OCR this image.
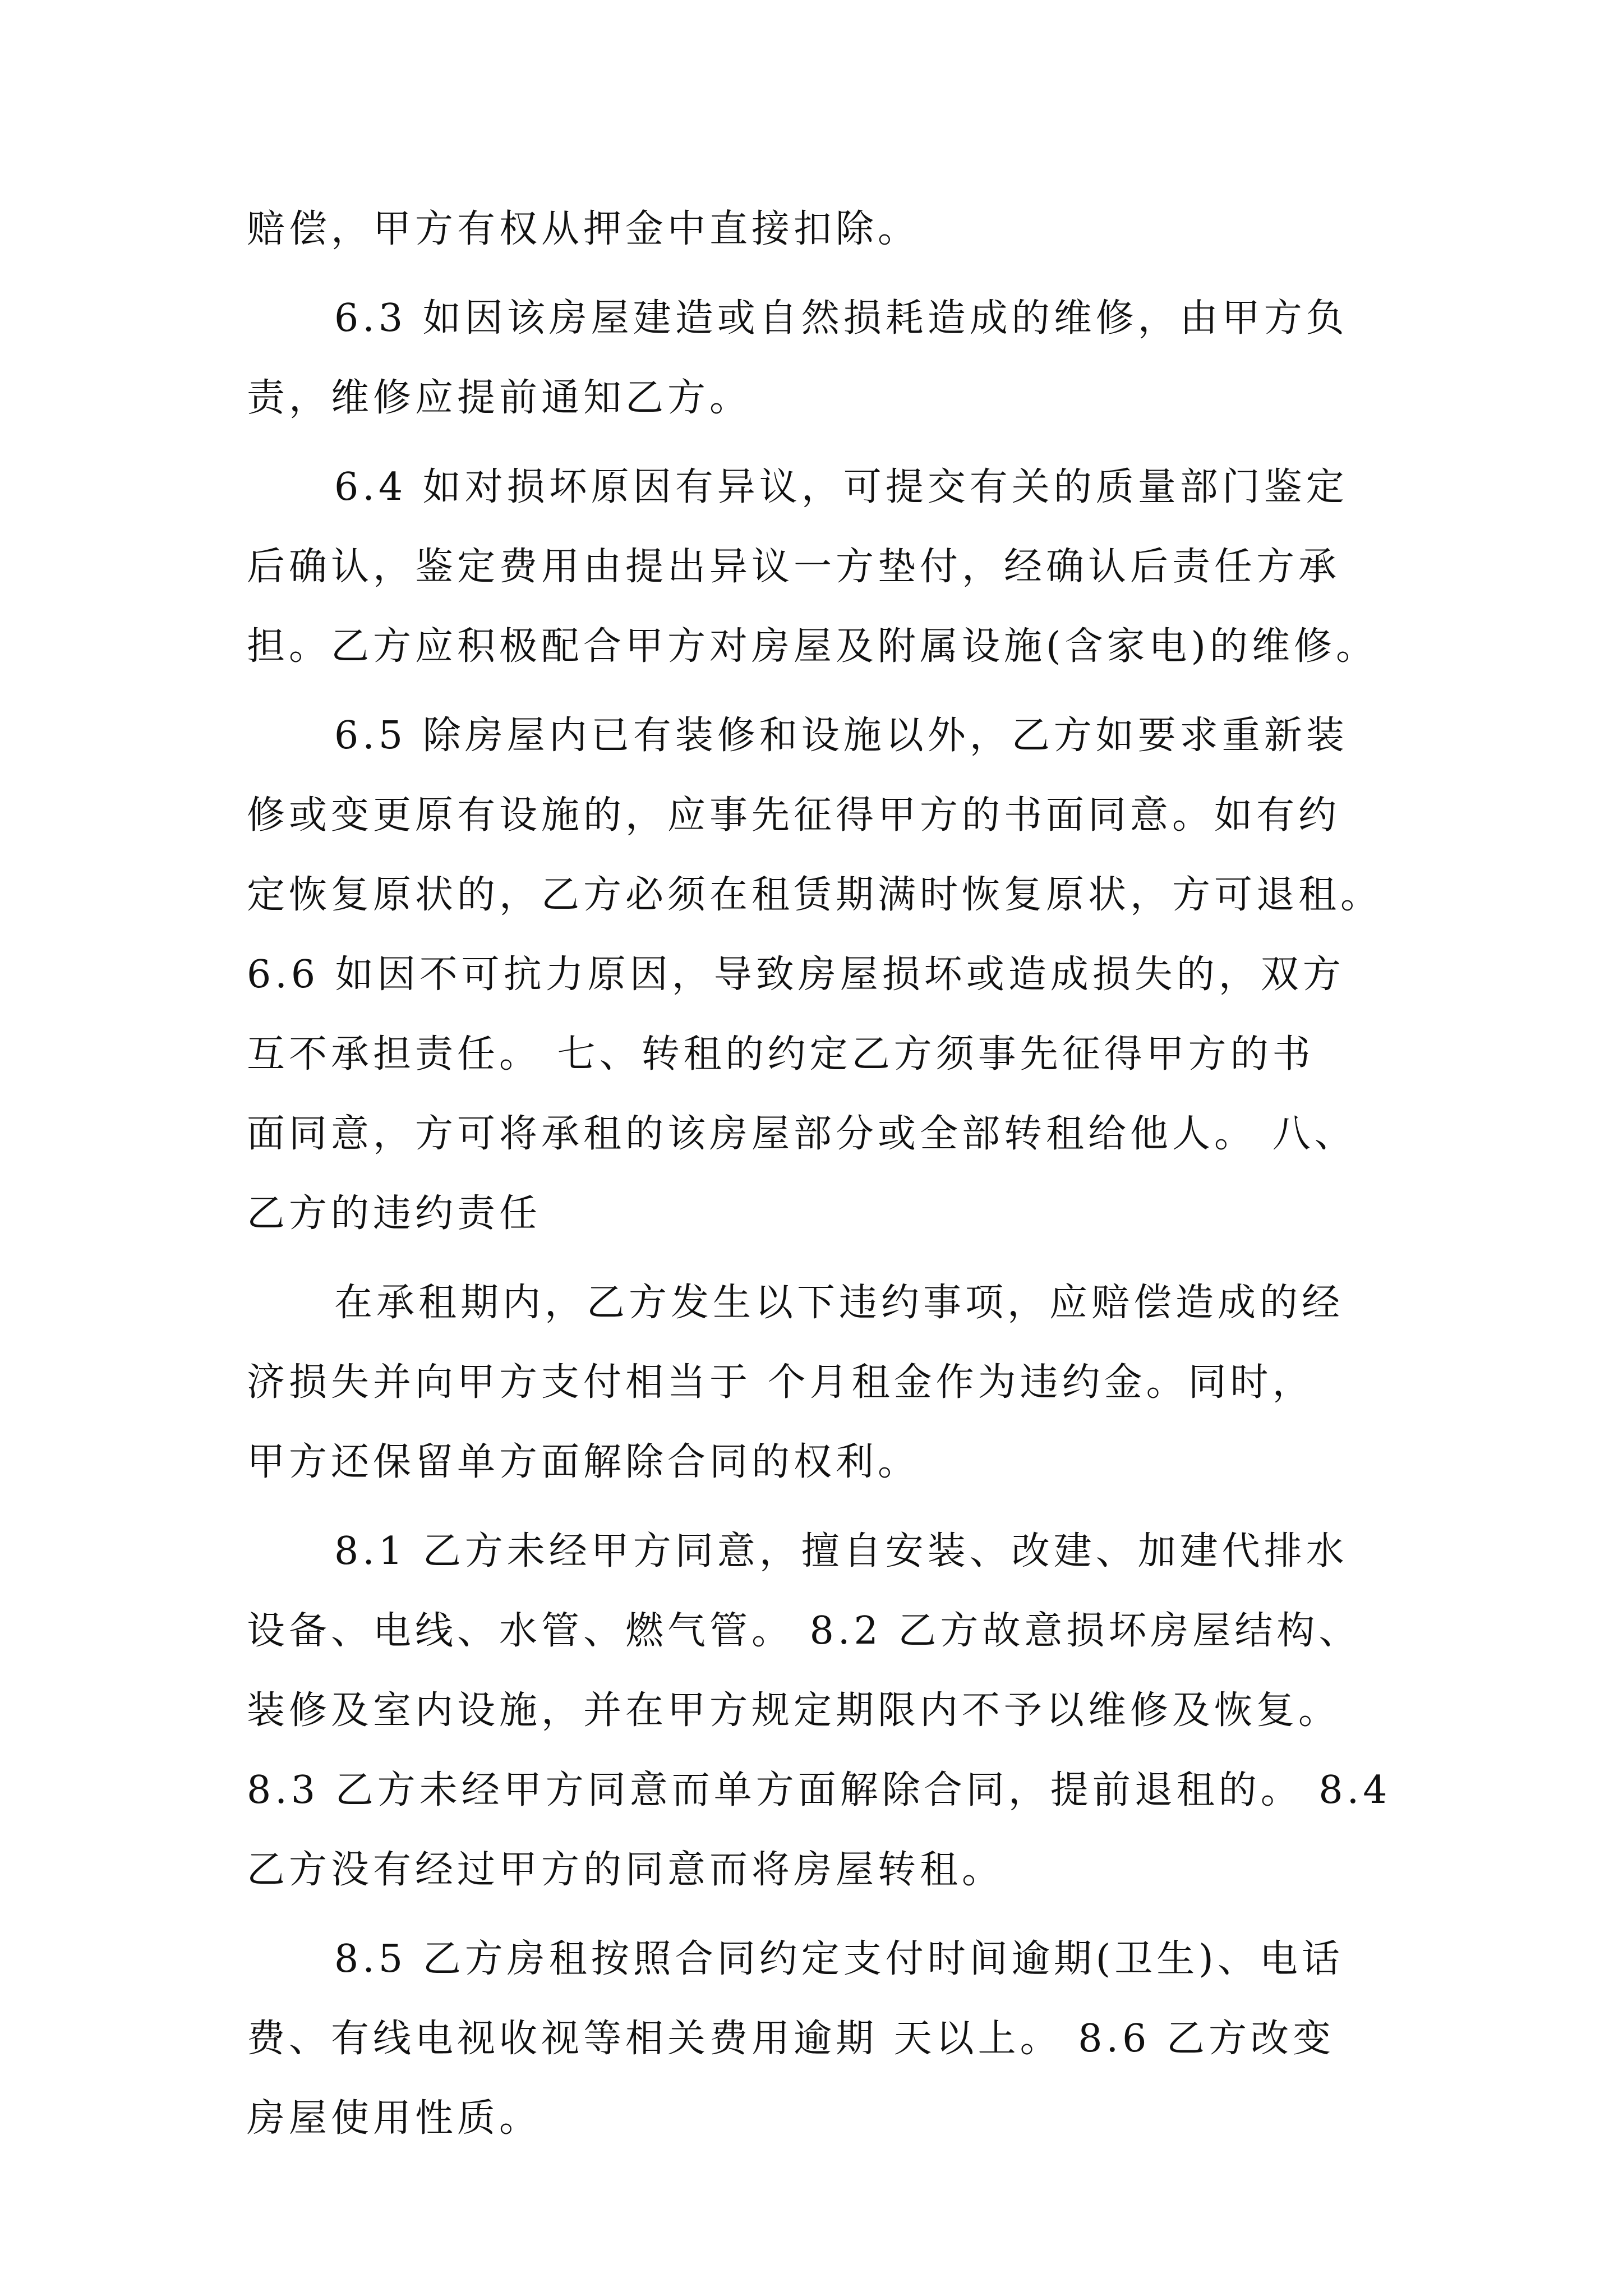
赔偿，甲方有权从押金中直接扣除。
6.3 如因该房屋建造或自然损耗造成的维修，由甲方负
责，维修应提前通知乙方。
6.4 如对损坏原因有异议，可提交有关的质量部门鉴定
后确认，鉴定费用由提出异议一方垫付，经确认后责任方承
担。乙方应积极配合甲方对房屋及附属设施(含家电)的维修。
6.5 除房屋内已有装修和设施以外，乙方如要求重新装
修或变更原有设施的，应事先征得甲方的书面同意。如有约
定恢复原状的，乙方必须在租赁期满时恢复原状，方可退租。
6.6 如因不可抗力原因，导致房屋损坏或造成损失的，双方
互不承担责任。 七、转租的约定乙方须事先征得甲方的书
面同意，方可将承租的该房屋部分或全部转租给他人。 八、
乙方的违约责任
在承租期内，乙方发生以下违约事项，应赔偿造成的经
济损失并向甲方支付相当于 个月租金作为违约金。同时，
甲方还保留单方面解除合同的权利。
8.1 乙方未经甲方同意，擅自安装、改建、加建代排水
设备、电线、水管、燃气管。 8.2 乙方故意损坏房屋结构、
装修及室内设施，并在甲方规定期限内不予以维修及恢复。
8.3 乙方未经甲方同意而单方面解除合同，提前退租的。 8.4
乙方没有经过甲方的同意而将房屋转租。
8.5 乙方房租按照合同约定支付时间逾期(卫生)、电话
费、有线电视收视等相关费用逾期 天以上。 8.6 乙方改变
房屋使用性质。
